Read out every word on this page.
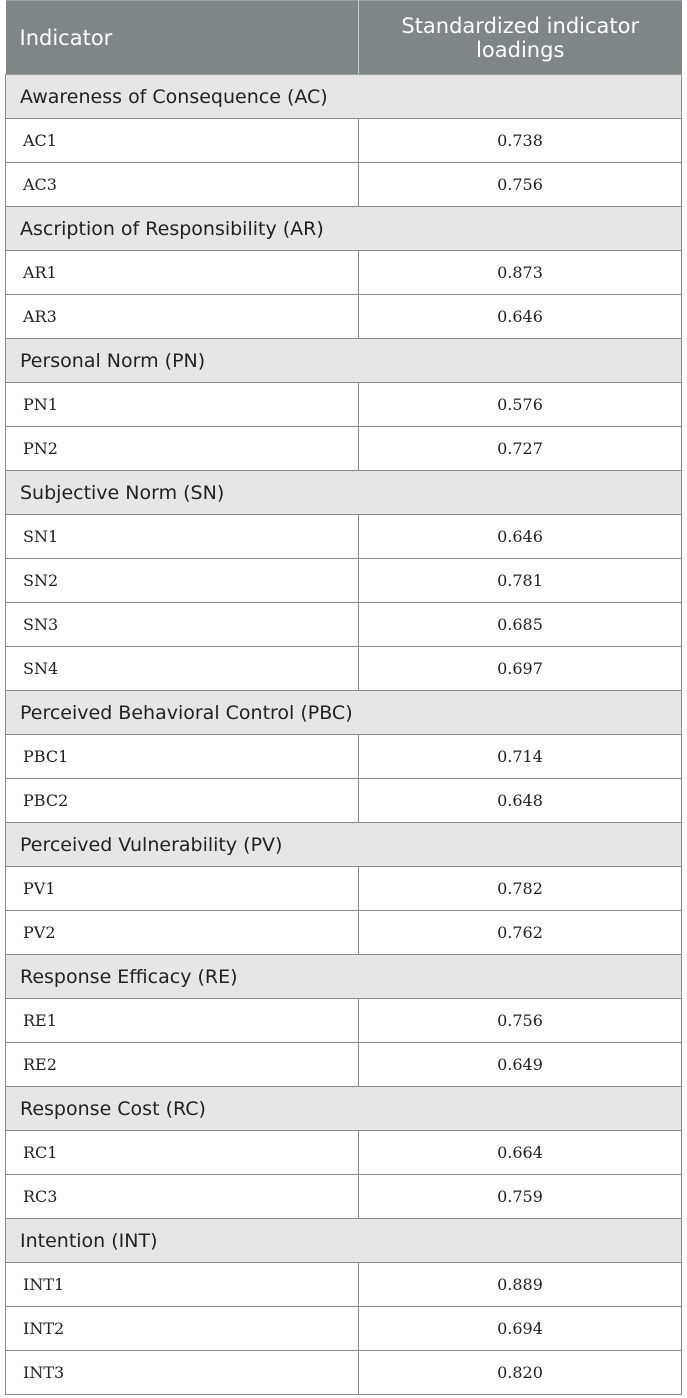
Indicator	Standardized indicator loadings
Awareness of Consequence (AC)	
AC1	0.738
AC3	0.756
Ascription of Responsibility (AR)	
AR1	0.873
AR3	0.646
Personal Norm (PN)	
PN1	0.576
PN2	0.727
Subjective Norm (SN)	
SN1	0.646
SN2	0.781
SN3	0.685
SN4	0.697
Perceived Behavioral Control (PBC)	
PBC1	0.714
PBC2	0.648
Perceived Vulnerability (PV)	
PV1	0.782
PV2	0.762
Response Efficacy (RE)	
RE1	0.756
RE2	0.649
Response Cost (RC)	
RC1	0.664
RC3	0.759
Intention (INT)	
INT1	0.889
INT2	0.694
INT3	0.820
